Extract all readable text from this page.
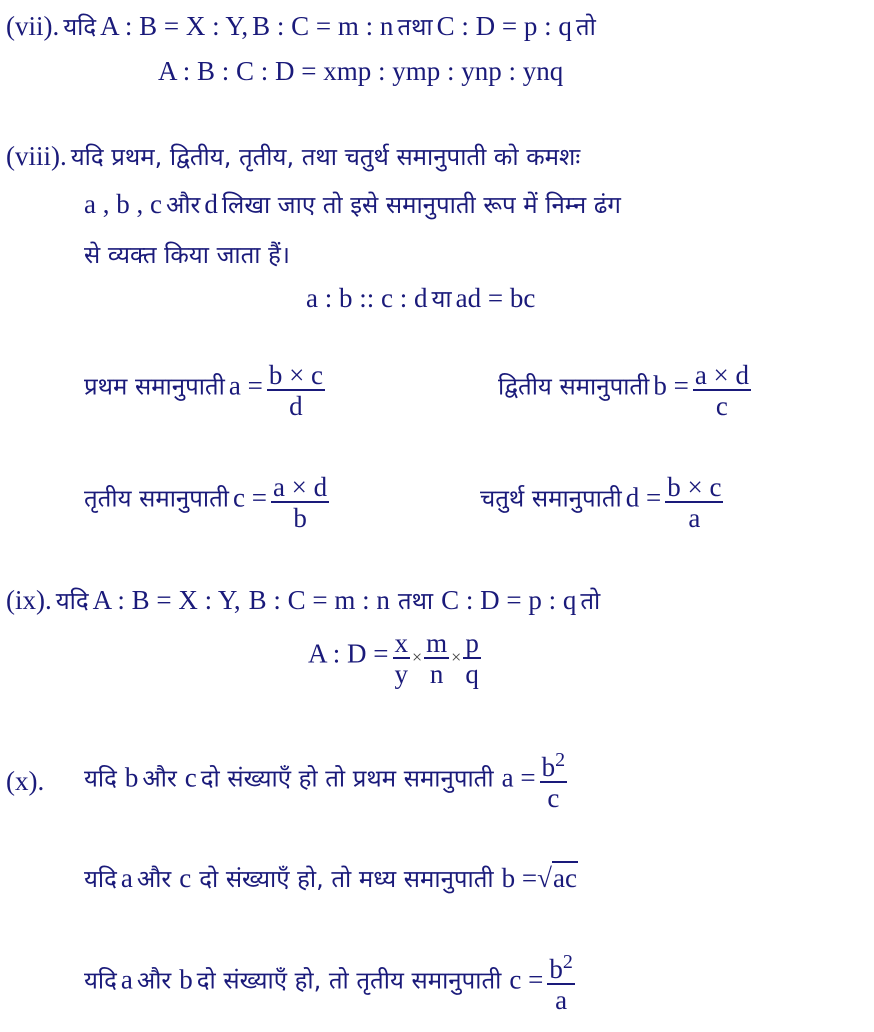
(vii). यदि A : B = X : Y, B : C = m : n तथा C : D = p : q तो
A : B : C : D = xmp : ymp : ynp : ynq
(viii). यदि प्रथम, द्वितीय, तृतीय, तथा चतुर्थ समानुपाती को कमशः
a , b , c और d लिखा जाए तो इसे समानुपाती रूप में निम्न ढंग
से व्यक्त किया जाता हैं।
a : b :: c : d या ad = bc
प्रथम समानुपाती $a = \frac{b \times c}{d}$	द्वितीय समानुपाती $b = \frac{a \times d}{c}$
तृतीय समानुपाती $c = \frac{a \times d}{b}$	चतुर्थ समानुपाती $d = \frac{b \times c}{a}$
(ix). यदि A : B = X : Y, B : C = m : n तथा C : D = p : q तो
A : $D = \frac{x}{y} \times \frac{m}{n} \times \frac{p}{q}$
(x). यदि b और c दो संख्याएँ हो तो प्रथम समानुपाती $a = \frac{b^2}{c}$
यदि a और c दो संख्याएँ हो, तो मध्य समानुपाती b =√ac
यदि a और b दो संख्याएँ हो, तो तृतीय समानुपाती $c = \frac{b^2}{a}$
